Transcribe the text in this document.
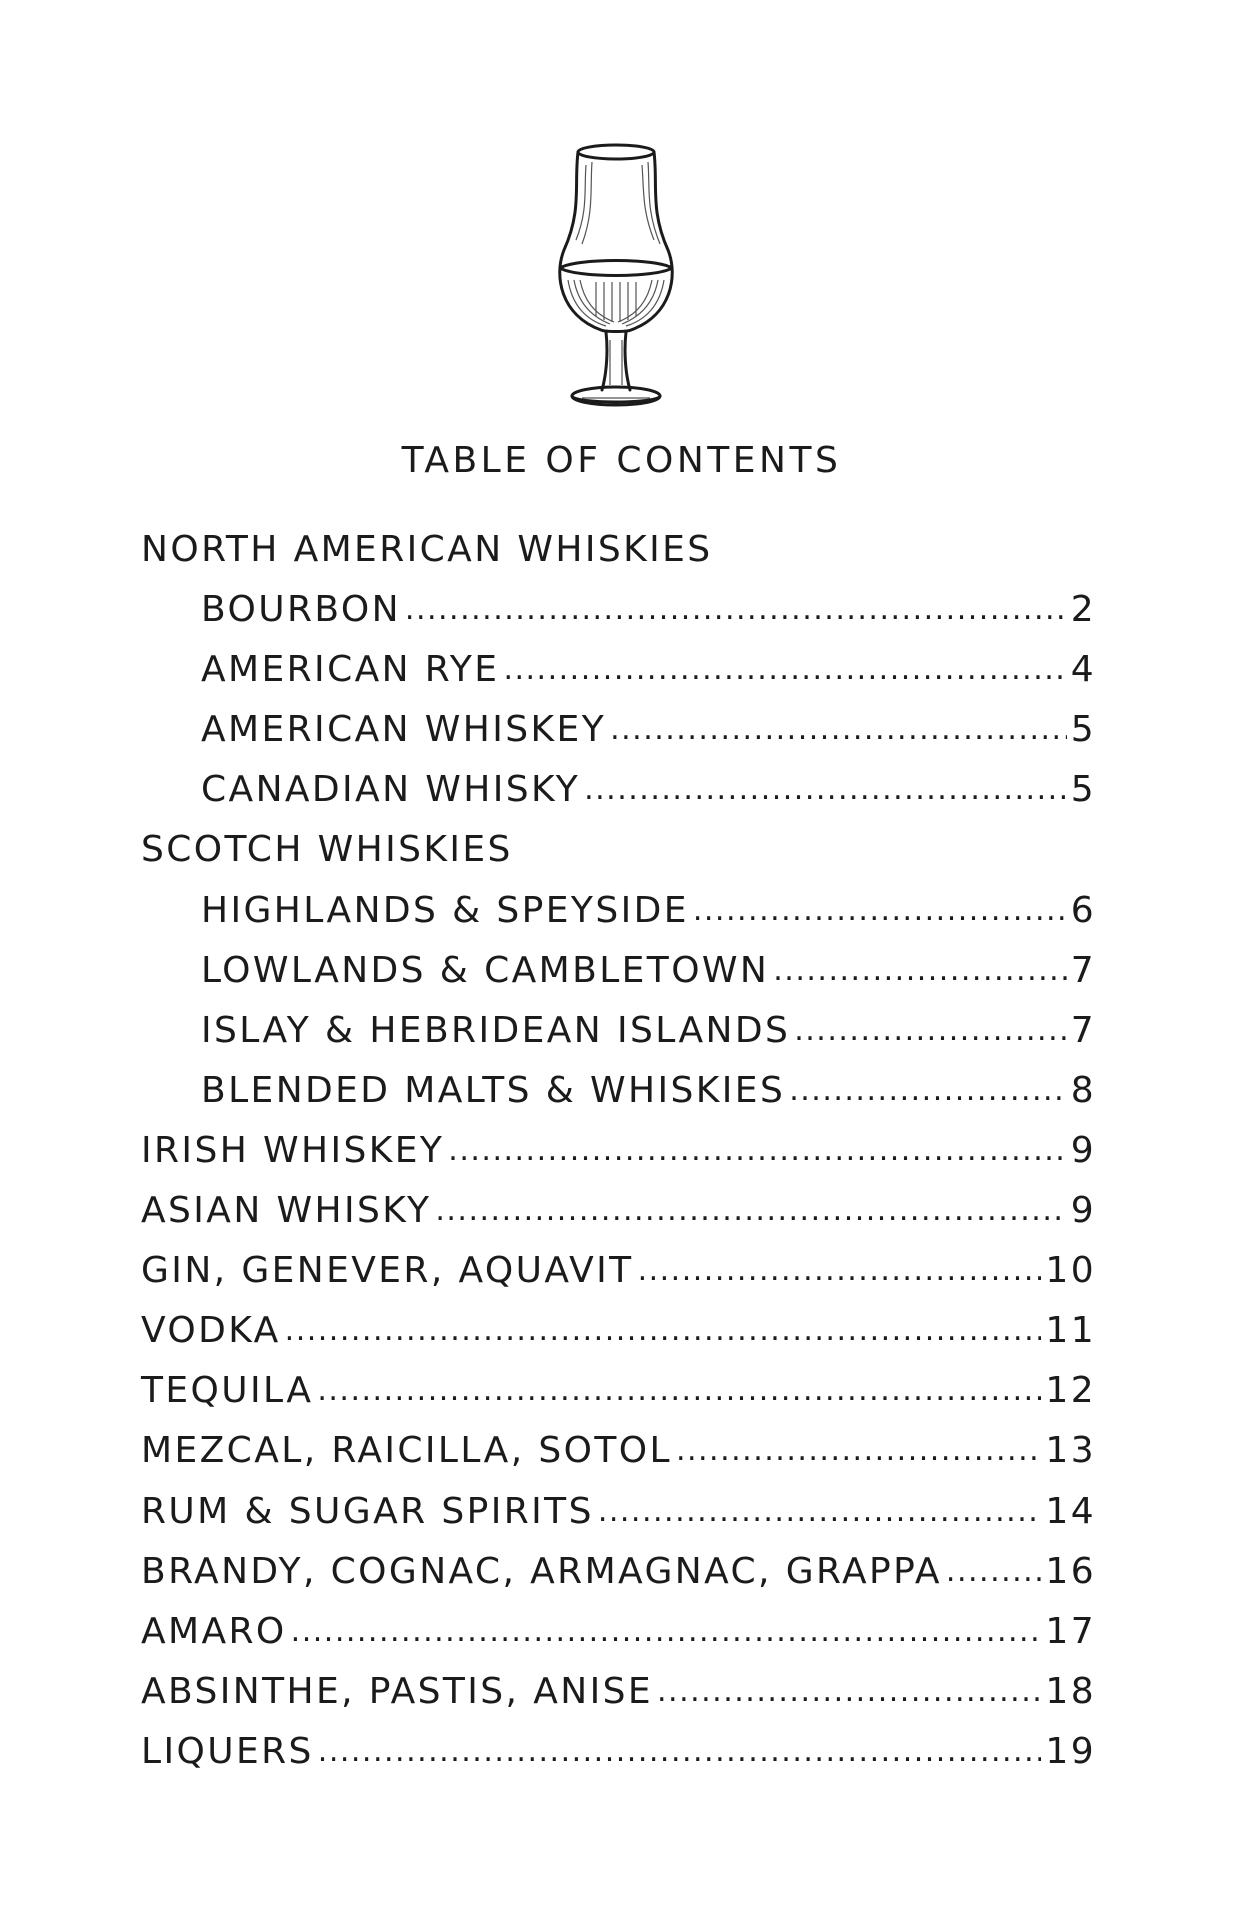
TABLE OF CONTENTS
NORTH AMERICAN WHISKIES
BOURBON .....	2
AMERICAN RYE .....	4
AMERICAN WHISKEY .....	5
CANADIAN WHISKY .....	5
SCOTCH WHISKIES
HIGHLANDS & SPEYSIDE .....	6
LOWLANDS & CAMBLETOWN .....	7
ISLAY & HEBRIDEAN ISLANDS .....	7
BLENDED MALTS & WHISKIES .....	8
IRISH WHISKEY .....	9
ASIAN WHISKY .....	9
GIN, GENEVER, AQUAVIT .....	10
VODKA .....	11
TEQUILA .....	12
MEZCAL, RAICILLA, SOTOL .....	13
RUM & SUGAR SPIRITS .....	14
BRANDY, COGNAC, ARMAGNAC, GRAPPA .....	16
AMARO .....	17
ABSINTHE, PASTIS, ANISE .....	18
LIQUERS .....	19
